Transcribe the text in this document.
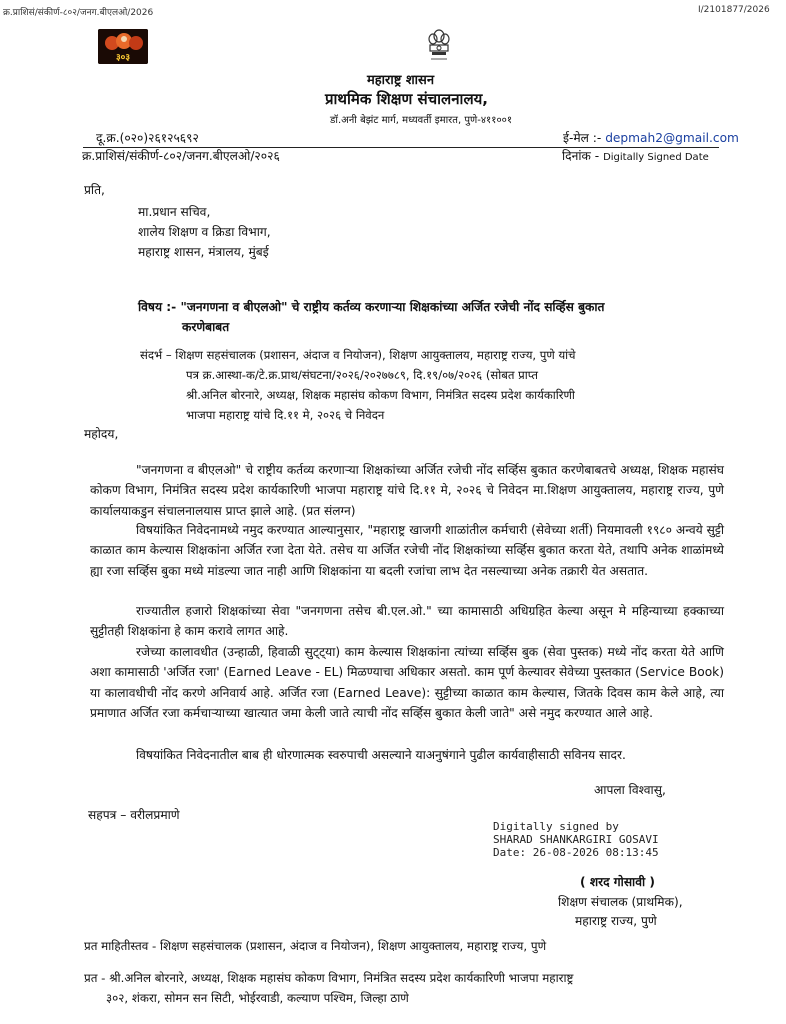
क्र.प्राशिसं/संकीर्ण-८०२/जनग.बीएलओ/2026	I/2101877/2026
३०३
महाराष्ट्र शासन
प्राथमिक शिक्षण संचालनालय,
डॉ.अनी बेझंट मार्ग, मध्यवर्ती इमारत, पुणे-४११००१
दू.क्र.(०२०)२६१२५६९२	ई-मेल :- depmah2@gmail.com
क्र.प्राशिसं/संकीर्ण-८०२/जनग.बीएलओ/२०२६	दिनांक - Digitally Signed Date
प्रति,
मा.प्रधान सचिव,
शालेय शिक्षण व क्रिडा विभाग,
महाराष्ट्र शासन, मंत्रालय, मुंबई
विषय :- "जनगणना व बीएलओ" चे राष्ट्रीय कर्तव्य करणाऱ्या शिक्षकांच्या अर्जित रजेची नोंद सर्व्हिस बुकात
करणेबाबत
संदर्भ – शिक्षण सहसंचालक (प्रशासन, अंदाज व नियोजन), शिक्षण आयुक्तालय, महाराष्ट्र राज्य, पुणे यांचे
पत्र क्र.आस्था-क/टे.क्र.प्राथ/संघटना/२०२६/२०२७७८९, दि.१९/०७/२०२६ (सोबत प्राप्त
श्री.अनिल बोरनारे, अध्यक्ष, शिक्षक महासंघ कोकण विभाग, निमंत्रित सदस्य प्रदेश कार्यकारिणी
भाजपा महाराष्ट्र यांचे दि.११ मे, २०२६ चे निवेदन
महोदय,
"जनगणना व बीएलओ" चे राष्ट्रीय कर्तव्य करणाऱ्या शिक्षकांच्या अर्जित रजेची नोंद सर्व्हिस बुकात करणेबाबतचे अध्यक्ष, शिक्षक महासंघ कोकण विभाग, निमंत्रित सदस्य प्रदेश कार्यकारिणी भाजपा महाराष्ट्र यांचे दि.११ मे, २०२६ चे निवेदन मा.शिक्षण आयुक्तालय, महाराष्ट्र राज्य, पुणे कार्यालयाकडुन संचालनालयास प्राप्त झाले आहे. (प्रत संलग्न)
विषयांकित निवेदनामध्ये नमुद करण्यात आल्यानुसार, "महाराष्ट्र खाजगी शाळांतील कर्मचारी (सेवेच्या शर्ती) नियमावली १९८० अन्वये सुट्टी काळात काम केल्यास शिक्षकांना अर्जित रजा देता येते. तसेच या अर्जित रजेची नोंद शिक्षकांच्या सर्व्हिस बुकात करता येते, तथापि अनेक शाळांमध्ये ह्या रजा सर्व्हिस बुका मध्ये मांडल्या जात नाही आणि शिक्षकांना या बदली रजांचा लाभ देत नसल्याच्या अनेक तक्रारी येत असतात.
राज्यातील हजारो शिक्षकांच्या सेवा "जनगणना तसेच बी.एल.ओ." च्या कामासाठी अधिग्रहित केल्या असून मे महिन्याच्या हक्काच्या सुट्टीतही शिक्षकांना हे काम करावे लागत आहे.
रजेच्या कालावधीत (उन्हाळी, हिवाळी सुट्ट्या) काम केल्यास शिक्षकांना त्यांच्या सर्व्हिस बुक (सेवा पुस्तक) मध्ये नोंद करता येते आणि अशा कामासाठी 'अर्जित रजा' (Earned Leave - EL) मिळण्याचा अधिकार असतो. काम पूर्ण केल्यावर सेवेच्या पुस्तकात (Service Book) या कालावधीची नोंद करणे अनिवार्य आहे. अर्जित रजा (Earned Leave): सुट्टीच्या काळात काम केल्यास, जितके दिवस काम केले आहे, त्या प्रमाणात अर्जित रजा कर्मचाऱ्याच्या खात्यात जमा केली जाते त्याची नोंद सर्व्हिस बुकात केली जाते" असे नमुद करण्यात आले आहे.
विषयांकित निवेदनातील बाब ही धोरणात्मक स्वरुपाची असल्याने याअनुषंगाने पुढील कार्यवाहीसाठी सविनय सादर.
आपला विश्वासु,
सहपत्र – वरीलप्रमाणे
Digitally signed by
SHARAD SHANKARGIRI GOSAVI
Date: 26-08-2026 08:13:45
( शरद गोसावी )
शिक्षण संचालक (प्राथमिक),
महाराष्ट्र राज्य, पुणे
प्रत माहितीस्तव - शिक्षण सहसंचालक (प्रशासन, अंदाज व नियोजन), शिक्षण आयुक्तालय, महाराष्ट्र राज्य, पुणे
प्रत - श्री.अनिल बोरनारे, अध्यक्ष, शिक्षक महासंघ कोकण विभाग, निमंत्रित सदस्य प्रदेश कार्यकारिणी भाजपा महाराष्ट्र
३०२, शंकरा, सोमन सन सिटी, भोईरवाडी, कल्याण पश्चिम, जिल्हा ठाणे
